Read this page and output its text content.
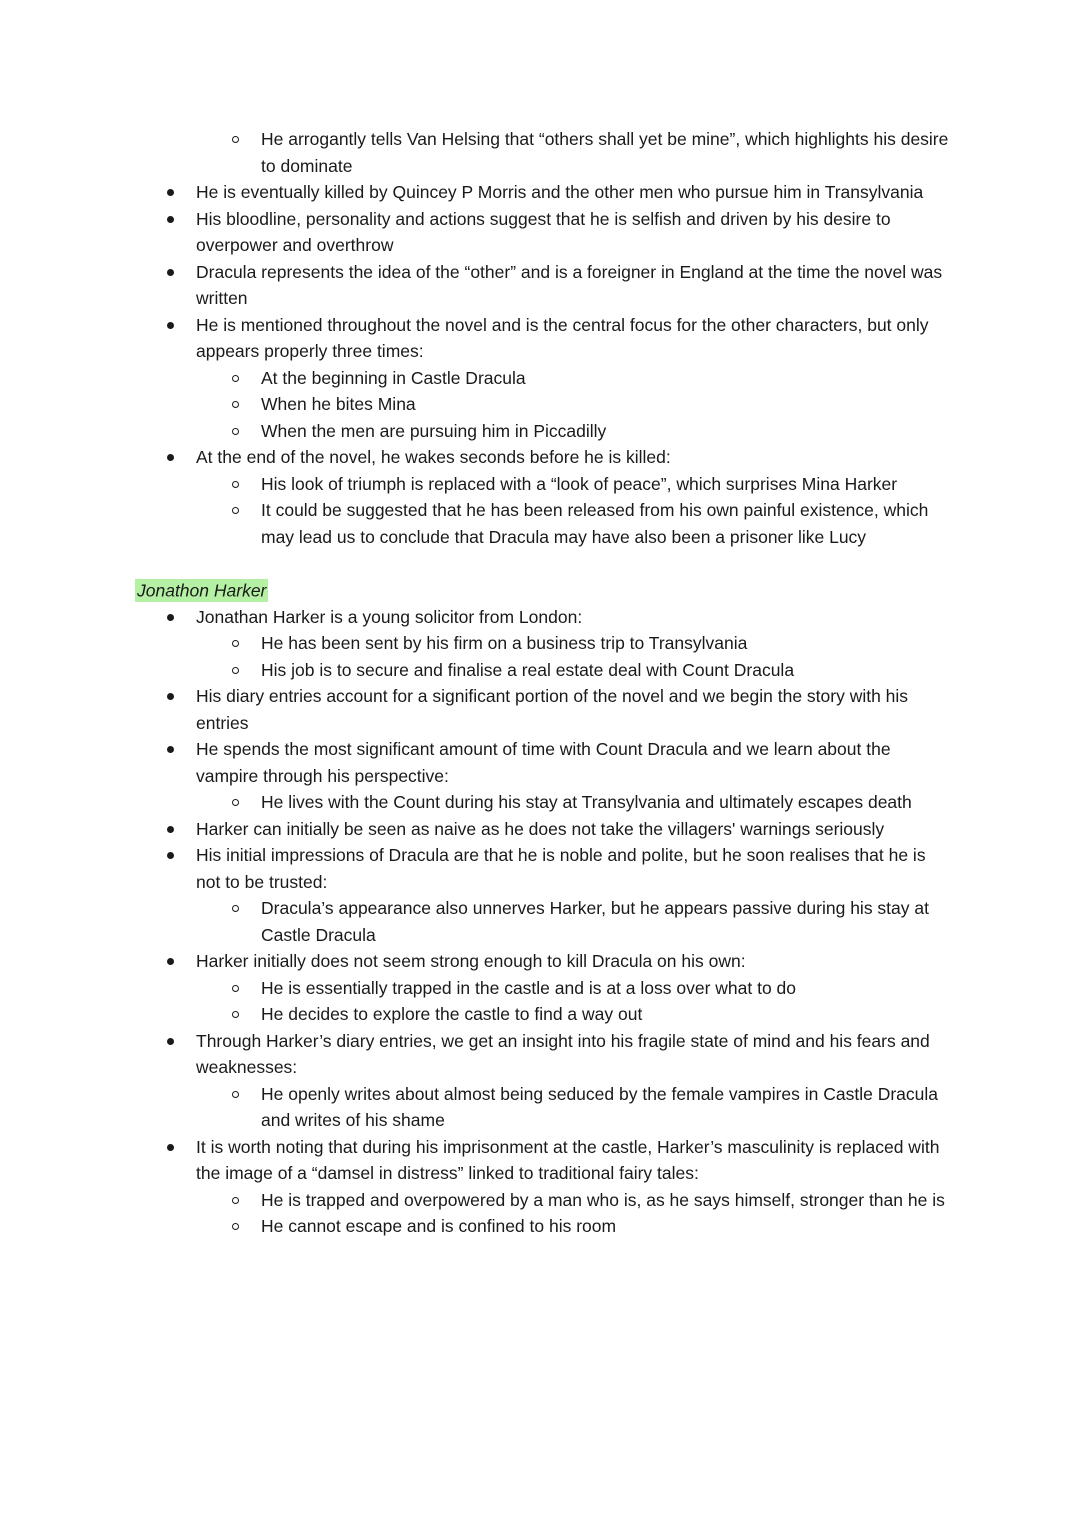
He arrogantly tells Van Helsing that “others shall yet be mine”, which highlights his desire to dominate
He is eventually killed by Quincey P Morris and the other men who pursue him in Transylvania
His bloodline, personality and actions suggest that he is selfish and driven by his desire to overpower and overthrow
Dracula represents the idea of the “other” and is a foreigner in England at the time the novel was written
He is mentioned throughout the novel and is the central focus for the other characters, but only appears properly three times:
At the beginning in Castle Dracula
When he bites Mina
When the men are pursuing him in Piccadilly
At the end of the novel, he wakes seconds before he is killed:
His look of triumph is replaced with a “look of peace”, which surprises Mina Harker
It could be suggested that he has been released from his own painful existence, which may lead us to conclude that Dracula may have also been a prisoner like Lucy
Jonathon Harker
Jonathan Harker is a young solicitor from London:
He has been sent by his firm on a business trip to Transylvania
His job is to secure and finalise a real estate deal with Count Dracula
His diary entries account for a significant portion of the novel and we begin the story with his entries
He spends the most significant amount of time with Count Dracula and we learn about the vampire through his perspective:
He lives with the Count during his stay at Transylvania and ultimately escapes death
Harker can initially be seen as naive as he does not take the villagers' warnings seriously
His initial impressions of Dracula are that he is noble and polite, but he soon realises that he is not to be trusted:
Dracula’s appearance also unnerves Harker, but he appears passive during his stay at Castle Dracula
Harker initially does not seem strong enough to kill Dracula on his own:
He is essentially trapped in the castle and is at a loss over what to do
He decides to explore the castle to find a way out
Through Harker’s diary entries, we get an insight into his fragile state of mind and his fears and weaknesses:
He openly writes about almost being seduced by the female vampires in Castle Dracula and writes of his shame
It is worth noting that during his imprisonment at the castle, Harker’s masculinity is replaced with the image of a “damsel in distress” linked to traditional fairy tales:
He is trapped and overpowered by a man who is, as he says himself, stronger than he is
He cannot escape and is confined to his room
